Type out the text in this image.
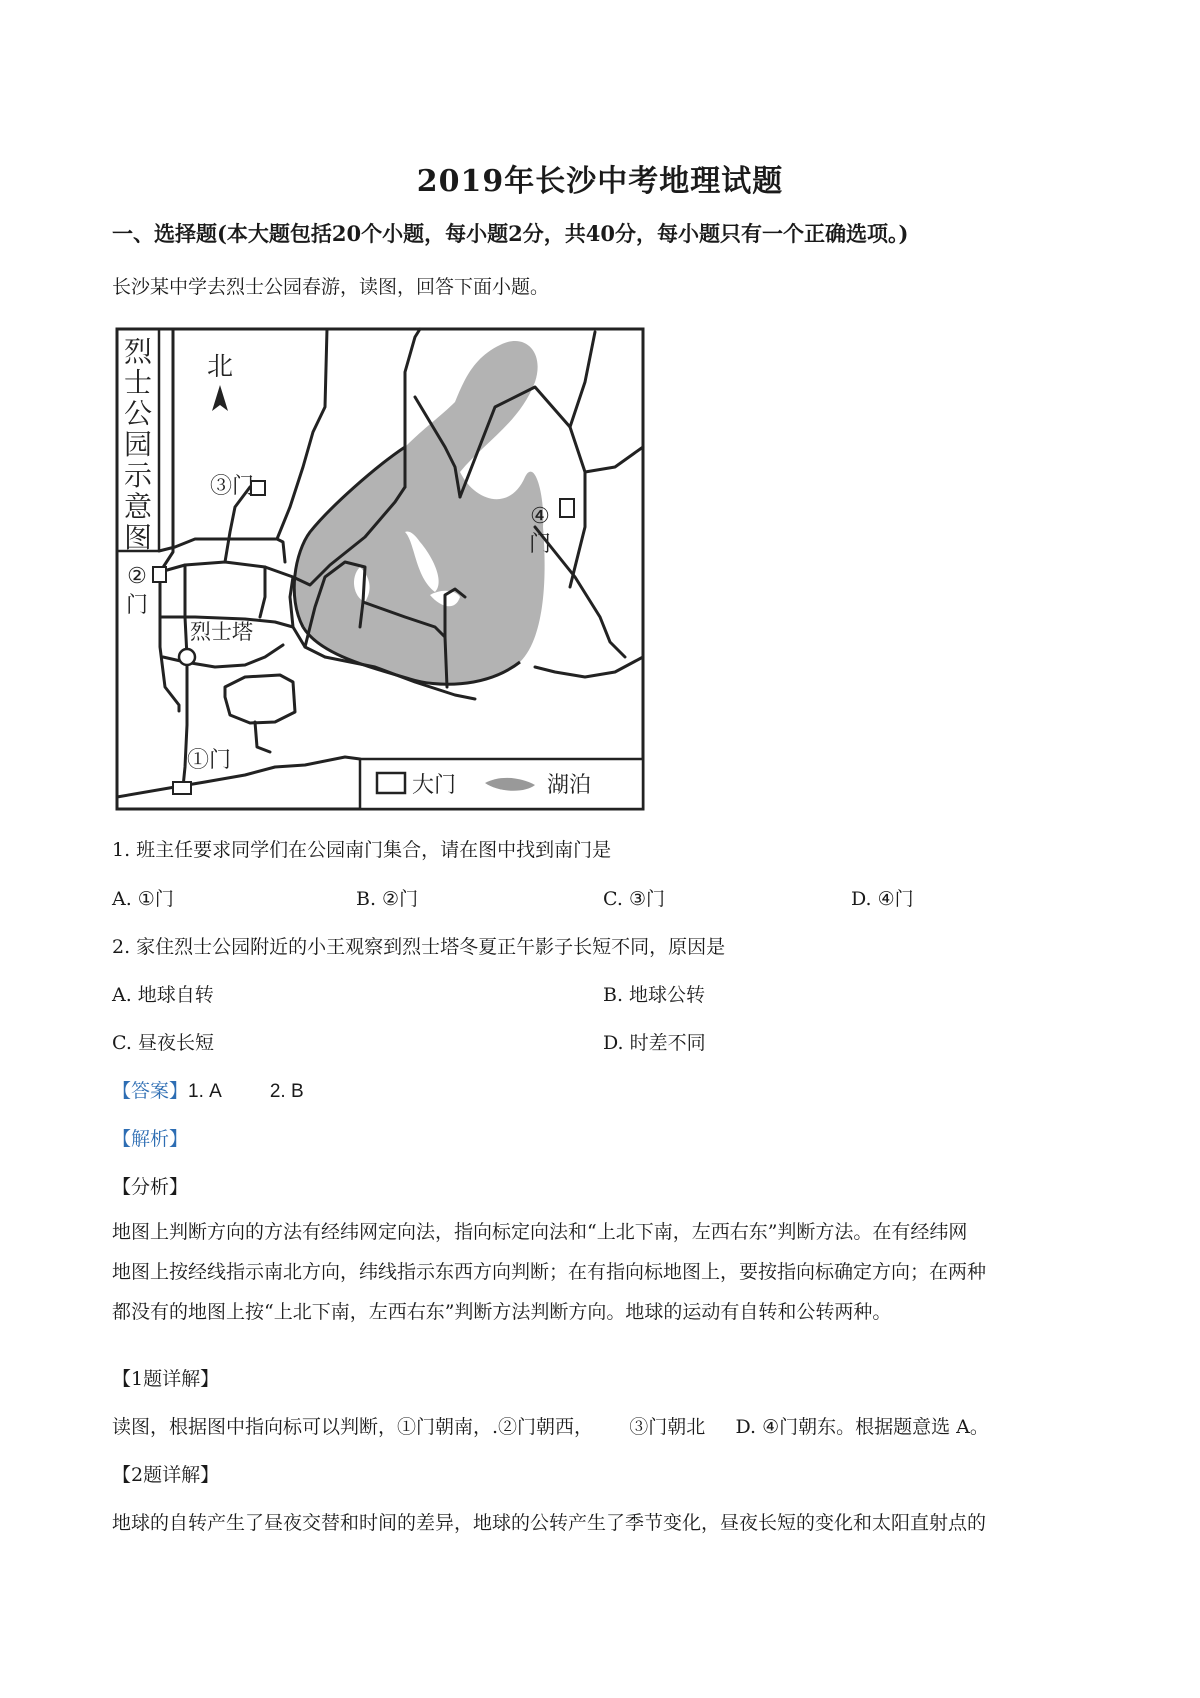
2019年长沙中考地理试题
一、选择题(本大题包括20个小题，每小题2分，共40分，每小题只有一个正确选项。)
长沙某中学去烈士公园春游，读图，回答下面小题。
烈
士
公
园
示
意
图
北
③门
②
门
④
门
烈士塔
①门
大门	湖泊
1. 班主任要求同学们在公园南门集合，请在图中找到南门是
A. ①门	B. ②门	C. ③门	D. ④门
2. 家住烈士公园附近的小王观察到烈士塔冬夏正午影子长短不同，原因是
A. 地球自转	B. 地球公转
C. 昼夜长短	D. 时差不同
【答案】1. A	2. B
【解析】
【分析】
地图上判断方向的方法有经纬网定向法，指向标定向法和“上北下南，左西右东”判断方法。在有经纬网
地图上按经线指示南北方向，纬线指示东西方向判断；在有指向标地图上，要按指向标确定方向；在两种
都没有的地图上按“上北下南，左西右东”判断方法判断方向。地球的运动有自转和公转两种。
【1题详解】
读图，根据图中指向标可以判断，①门朝南，.②门朝西，      ③门朝北     D. ④门朝东。根据题意选 A。
【2题详解】
地球的自转产生了昼夜交替和时间的差异，地球的公转产生了季节变化，昼夜长短的变化和太阳直射点的
